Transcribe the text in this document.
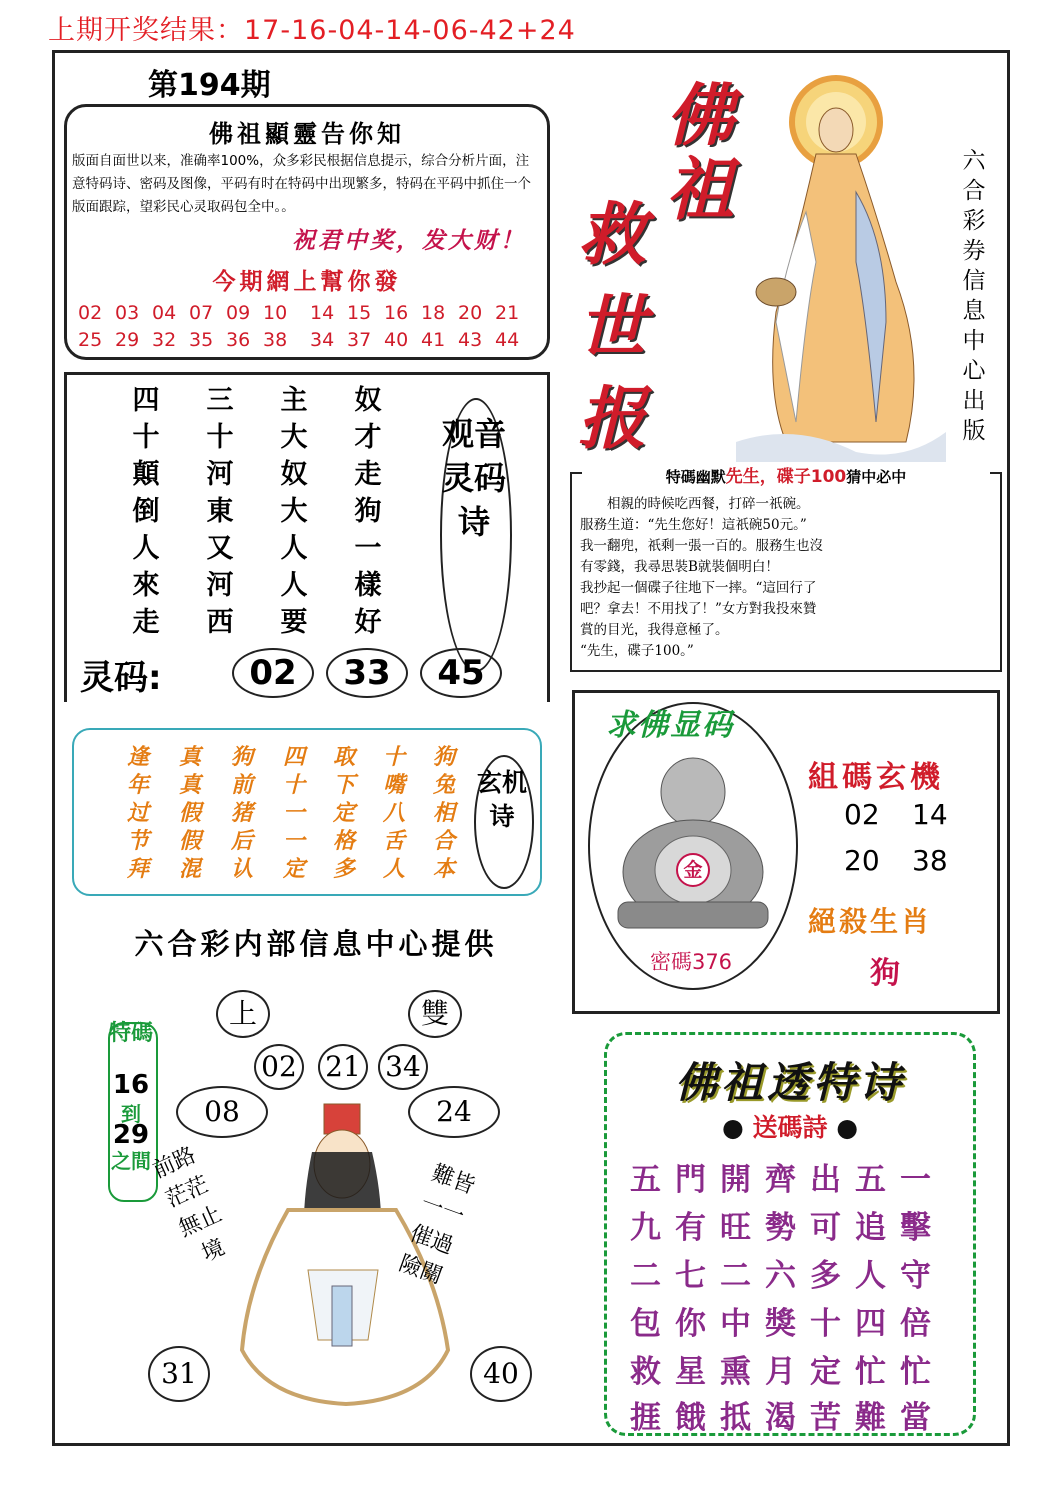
上期开奖结果：17-16-04-14-06-42+24
第194期
佛祖顯靈告你知
版面自面世以来，准确率100%，众多彩民根据信息提示，综合分析片面，注意特码诗、密码及图像，平码有时在特码中出现繁多，特码在平码中抓住一个版面跟踪，望彩民心灵取码包全中。。
祝君中奖，发大财！
今期網上幫你發
02 03 04 07 09 10 14 15 16 18 20 21
25 29 32 35 36 38 34 37 40 41 43 44
四十顛倒人來走
三十河東又河西
主大奴大人人要
奴才走狗一樣好
观音灵码诗
灵码:	02	33	45
逢年过节拜
真真假假混
狗前猪后认
四十一一定
取下定格多
十嘴八舌人
狗兔相合本
玄机诗
六合彩内部信息中心提供
佛祖
救世报
六合彩券信息中心出版
特碼幽默先生，碟子100猜中必中

　　相親的時候吃西餐，打碎一祇碗。

服務生道：“先生您好！這祇碗50元。”

我一翻兜，祇剩一張一百的。服務生也沒

有零錢，我尋思裝B就裝個明白！

我抄起一個碟子往地下一摔。“這回行了

吧？拿去！不用找了！”女方對我投來贊

賞的目光，我得意極了。

“先生，碟子100。”

求佛显码
金
密碼376
組碼玄機
02 14
20 38
絕殺生肖
狗
上	雙
02 21 34
08	24
31	40
特碼
16
到
29
之間
前路茫茫無止境
難皆一一催過險關
佛祖透特诗
● 送碼詩 ●
五門開齊出五一
九有旺勢可追擊
二七二六多人守
包你中獎十四倍
救星熏月定忙忙
捱餓抵渴苦難當
